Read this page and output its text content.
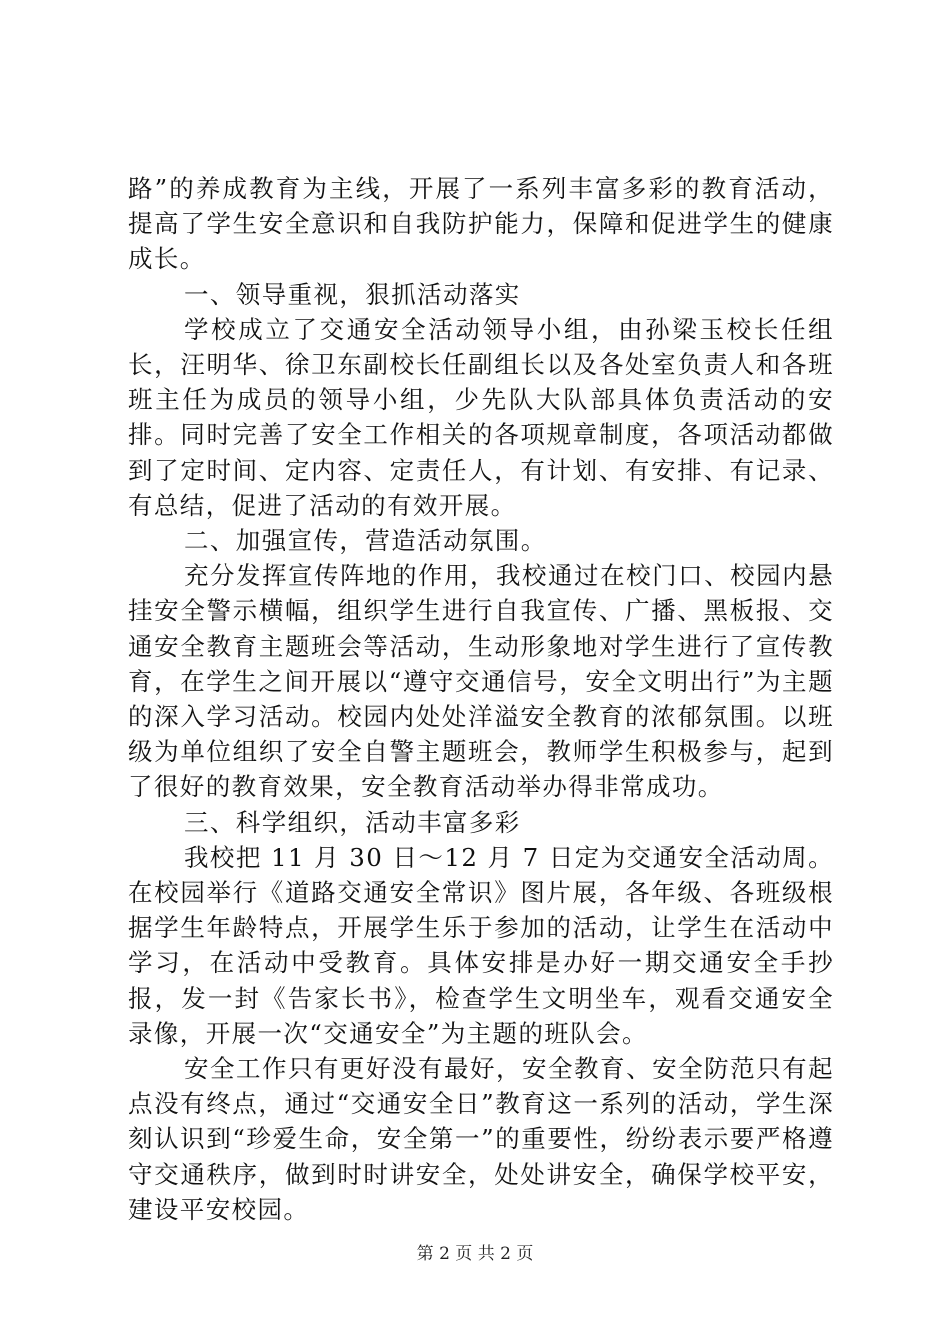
路”的养成教育为主线，开展了一系列丰富多彩的教育活动，提高了学生安全意识和自我防护能力，保障和促进学生的健康成长。

一、领导重视，狠抓活动落实

学校成立了交通安全活动领导小组，由孙梁玉校长任组长，汪明华、徐卫东副校长任副组长以及各处室负责人和各班班主任为成员的领导小组，少先队大队部具体负责活动的安排。同时完善了安全工作相关的各项规章制度，各项活动都做到了定时间、定内容、定责任人，有计划、有安排、有记录、有总结，促进了活动的有效开展。

二、加强宣传，营造活动氛围。

充分发挥宣传阵地的作用，我校通过在校门口、校园内悬挂安全警示横幅，组织学生进行自我宣传、广播、黑板报、交通安全教育主题班会等活动，生动形象地对学生进行了宣传教育，在学生之间开展以“遵守交通信号，安全文明出行”为主题的深入学习活动。校园内处处洋溢安全教育的浓郁氛围。以班级为单位组织了安全自警主题班会，教师学生积极参与，起到了很好的教育效果，安全教育活动举办得非常成功。

三、科学组织，活动丰富多彩

我校把 11 月 30 日～12 月 7 日定为交通安全活动周。在校园举行《道路交通安全常识》图片展，各年级、各班级根据学生年龄特点，开展学生乐于参加的活动，让学生在活动中学习，在活动中受教育。具体安排是办好一期交通安全手抄报，发一封《告家长书》，检查学生文明坐车，观看交通安全录像，开展一次“交通安全”为主题的班队会。

安全工作只有更好没有最好，安全教育、安全防范只有起点没有终点，通过“交通安全日”教育这一系列的活动，学生深刻认识到“珍爱生命，安全第一”的重要性，纷纷表示要严格遵守交通秩序，做到时时讲安全，处处讲安全，确保学校平安，建设平安校园。

第 2 页 共 2 页
